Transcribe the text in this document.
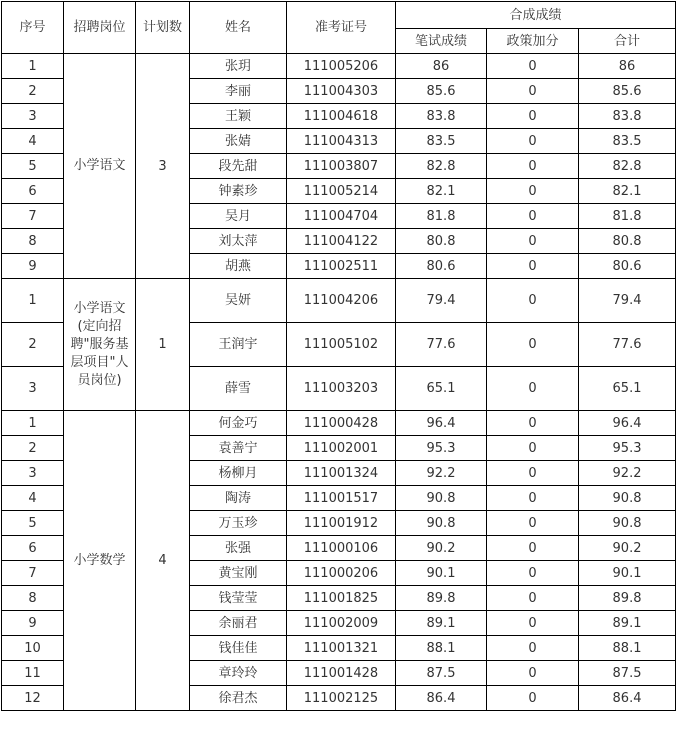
序号	招聘岗位	计划数	姓名	准考证号	合成成绩		
					笔试成绩	政策加分	合计
1	小学语文	3	张玥	111005206	86	0	86
2			李丽	111004303	85.6	0	85.6
3			王颖	111004618	83.8	0	83.8
4			张婧	111004313	83.5	0	83.5
5			段先甜	111003807	82.8	0	82.8
6			钟素珍	111005214	82.1	0	82.1
7			吴月	111004704	81.8	0	81.8
8			刘太萍	111004122	80.8	0	80.8
9			胡燕	111002511	80.6	0	80.6
1	小学语文(定向招聘"服务基层项目"人员岗位)	1	吴妍	111004206	79.4	0	79.4
2			王润宇	111005102	77.6	0	77.6
3			薛雪	111003203	65.1	0	65.1
1	小学数学	4	何金巧	111000428	96.4	0	96.4
2			袁善宁	111002001	95.3	0	95.3
3			杨柳月	111001324	92.2	0	92.2
4			陶涛	111001517	90.8	0	90.8
5			万玉珍	111001912	90.8	0	90.8
6			张强	111000106	90.2	0	90.2
7			黄宝刚	111000206	90.1	0	90.1
8			钱莹莹	111001825	89.8	0	89.8
9			余丽君	111002009	89.1	0	89.1
10			钱佳佳	111001321	88.1	0	88.1
11			章玲玲	111001428	87.5	0	87.5
12			徐君杰	111002125	86.4	0	86.4
